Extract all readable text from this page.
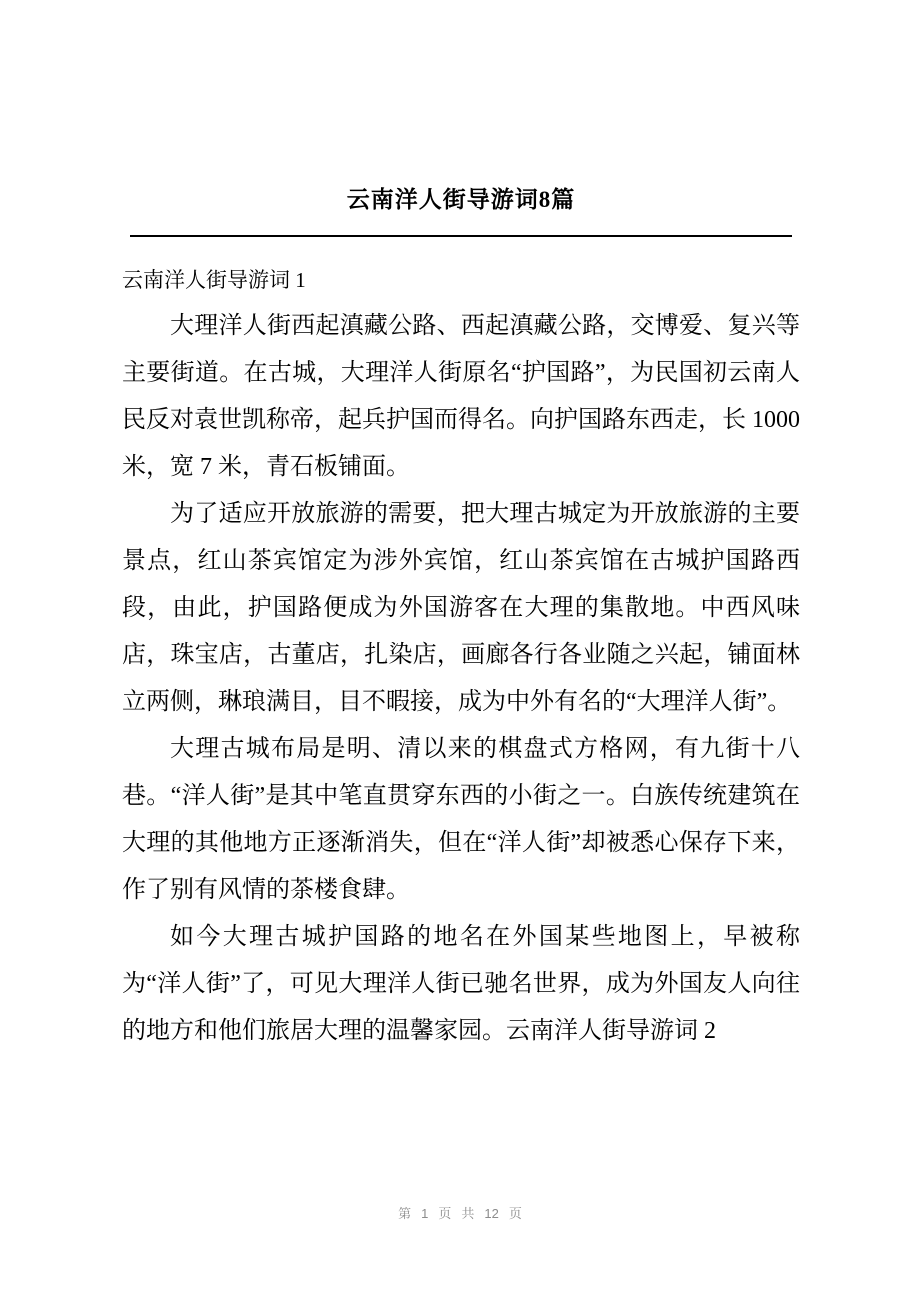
云南洋人街导游词8篇

云南洋人街导游词 1

大理洋人街西起滇藏公路、西起滇藏公路，交博爱、复兴等主要街道。在古城，大理洋人街原名“护国路”，为民国初云南人民反对袁世凯称帝，起兵护国而得名。向护国路东西走，长 1000 米，宽 7 米，青石板铺面。

为了适应开放旅游的需要，把大理古城定为开放旅游的主要景点，红山茶宾馆定为涉外宾馆，红山茶宾馆在古城护国路西段，由此，护国路便成为外国游客在大理的集散地。中西风味店，珠宝店，古董店，扎染店，画廊各行各业随之兴起，铺面林立两侧，琳琅满目，目不暇接，成为中外有名的“大理洋人街”。

大理古城布局是明、清以来的棋盘式方格网，有九街十八巷。“洋人街”是其中笔直贯穿东西的小街之一。白族传统建筑在大理的其他地方正逐渐消失，但在“洋人街”却被悉心保存下来，作了别有风情的茶楼食肆。

如今大理古城护国路的地名在外国某些地图上，早被称为“洋人街”了，可见大理洋人街已驰名世界，成为外国友人向往的地方和他们旅居大理的温馨家园。云南洋人街导游词 2

第 1 页 共 12 页
